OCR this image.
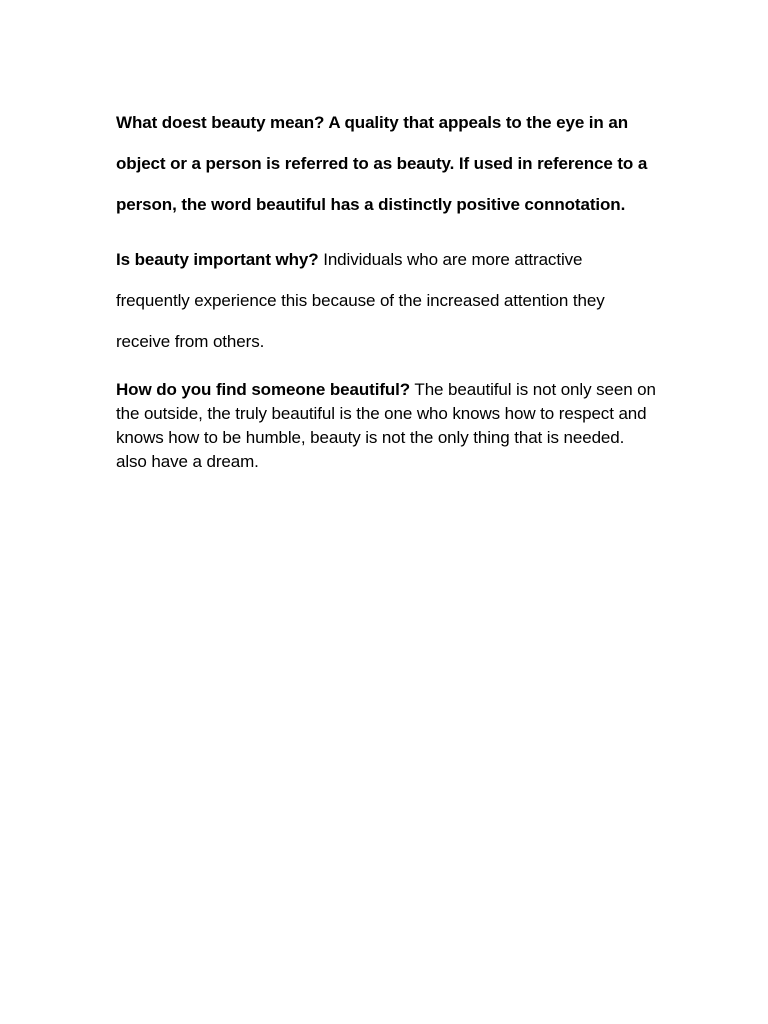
What doest beauty mean? A quality that appeals to the eye in an object or a person is referred to as beauty. If used in reference to a person, the word beautiful has a distinctly positive connotation.

Is beauty important why? Individuals who are more attractive frequently experience this because of the increased attention they receive from others.

How do you find someone beautiful? The beautiful is not only seen on the outside, the truly beautiful is the one who knows how to respect and knows how to be humble, beauty is not the only thing that is needed. also have a dream.
